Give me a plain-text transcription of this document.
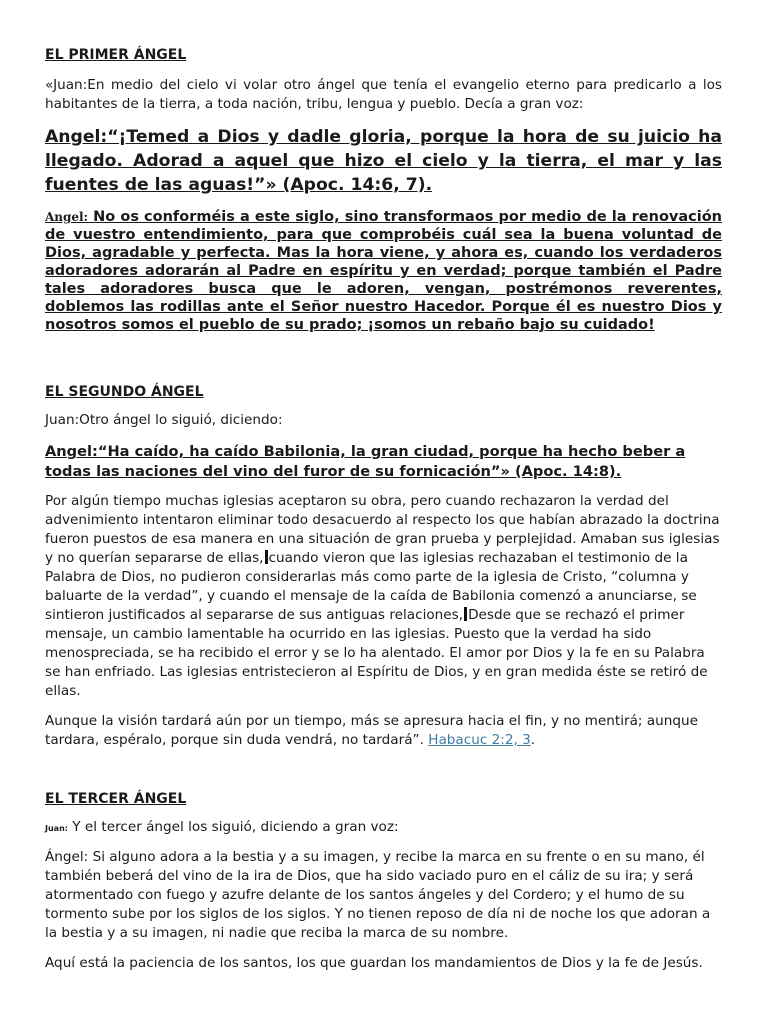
EL PRIMER ÁNGEL

«Juan:En medio del cielo vi volar otro ángel que tenía el evangelio eterno para predicarlo a los habitantes de la tierra, a toda nación, tribu, lengua y pueblo. Decía a gran voz:

Angel:“¡Temed a Dios y dadle gloria, porque la hora de su juicio ha llegado. Adorad a aquel que hizo el cielo y la tierra, el mar y las fuentes de las aguas!”» (Apoc. 14:6, 7).

Angel: No os conforméis a este siglo, sino transformaos por medio de la renovación de vuestro entendimiento, para que comprobéis cuál sea la buena voluntad de Dios, agradable y perfecta. Mas la hora viene, y ahora es, cuando los verdaderos adoradores adorarán al Padre en espíritu y en verdad; porque también el Padre tales adoradores busca que le adoren, vengan, postrémonos reverentes, doblemos las rodillas ante el Señor nuestro Hacedor. Porque él es nuestro Dios y nosotros somos el pueblo de su prado; ¡somos un rebaño bajo su cuidado!

EL SEGUNDO ÁNGEL

Juan:Otro ángel lo siguió, diciendo:

Angel:“Ha caído, ha caído Babilonia, la gran ciudad, porque ha hecho beber a todas las naciones del vino del furor de su fornicación”» (Apoc. 14:8).

Por algún tiempo muchas iglesias aceptaron su obra, pero cuando rechazaron la verdad del advenimiento intentaron eliminar todo desacuerdo al respecto los que habían abrazado la doctrina fueron puestos de esa manera en una situación de gran prueba y perplejidad. Amaban sus iglesias y no querían separarse de ellas, cuando vieron que las iglesias rechazaban el testimonio de la Palabra de Dios, no pudieron considerarlas más como parte de la iglesia de Cristo, “columna y baluarte de la verdad”, y cuando el mensaje de la caída de Babilonia comenzó a anunciarse, se sintieron justificados al separarse de sus antiguas relaciones, Desde que se rechazó el primer mensaje, un cambio lamentable ha ocurrido en las iglesias. Puesto que la verdad ha sido menospreciada, se ha recibido el error y se lo ha alentado. El amor por Dios y la fe en su Palabra se han enfriado. Las iglesias entristecieron al Espíritu de Dios, y en gran medida éste se retiró de ellas.

Aunque la visión tardará aún por un tiempo, más se apresura hacia el fin, y no mentirá; aunque tardara, espéralo, porque sin duda vendrá, no tardará”. Habacuc 2:2, 3.

EL TERCER ÁNGEL

$^{Juan:}$ Y el tercer ángel los siguió, diciendo a gran voz:

Ángel: Si alguno adora a la bestia y a su imagen, y recibe la marca en su frente o en su mano, él también beberá del vino de la ira de Dios, que ha sido vaciado puro en el cáliz de su ira; y será atormentado con fuego y azufre delante de los santos ángeles y del Cordero; y el humo de su tormento sube por los siglos de los siglos. Y no tienen reposo de día ni de noche los que adoran a la bestia y a su imagen, ni nadie que reciba la marca de su nombre.

Aquí está la paciencia de los santos, los que guardan los mandamientos de Dios y la fe de Jesús.
